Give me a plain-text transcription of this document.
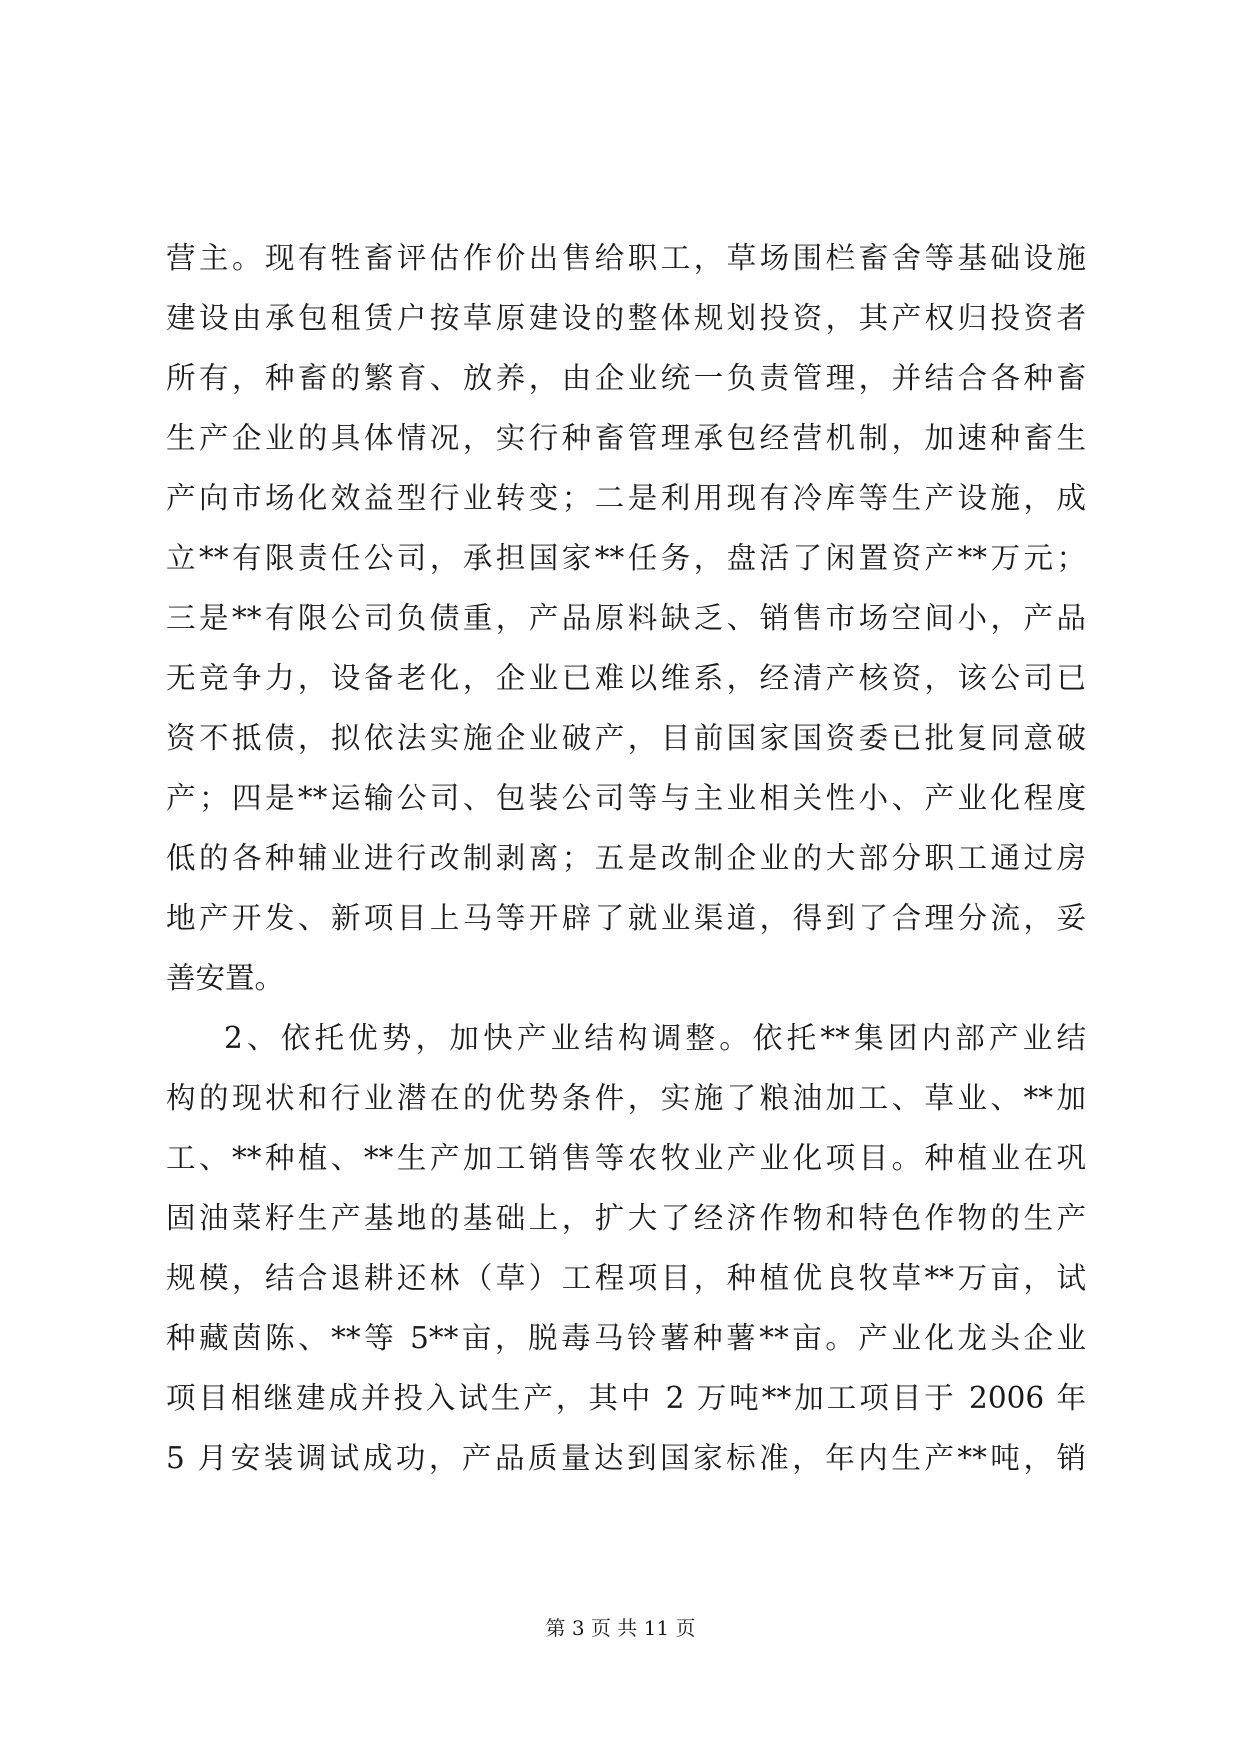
营主。现有牲畜评估作价出售给职工，草场围栏畜舍等基础设施
建设由承包租赁户按草原建设的整体规划投资，其产权归投资者
所有，种畜的繁育、放养，由企业统一负责管理，并结合各种畜
生产企业的具体情况，实行种畜管理承包经营机制，加速种畜生
产向市场化效益型行业转变；二是利用现有冷库等生产设施，成
立**有限责任公司，承担国家**任务，盘活了闲置资产**万元；
三是**有限公司负债重，产品原料缺乏、销售市场空间小，产品
无竞争力，设备老化，企业已难以维系，经清产核资，该公司已
资不抵债，拟依法实施企业破产，目前国家国资委已批复同意破
产；四是**运输公司、包装公司等与主业相关性小、产业化程度
低的各种辅业进行改制剥离；五是改制企业的大部分职工通过房
地产开发、新项目上马等开辟了就业渠道，得到了合理分流，妥
善安置。
2、依托优势，加快产业结构调整。依托**集团内部产业结
构的现状和行业潜在的优势条件，实施了粮油加工、草业、**加
工、**种植、**生产加工销售等农牧业产业化项目。种植业在巩
固油菜籽生产基地的基础上，扩大了经济作物和特色作物的生产
规模，结合退耕还林（草）工程项目，种植优良牧草**万亩，试
种藏茵陈、**等 5**亩，脱毒马铃薯种薯**亩。产业化龙头企业
项目相继建成并投入试生产，其中 2 万吨**加工项目于 2006 年
5 月安装调试成功，产品质量达到国家标准，年内生产**吨，销
第 3 页 共 11 页
